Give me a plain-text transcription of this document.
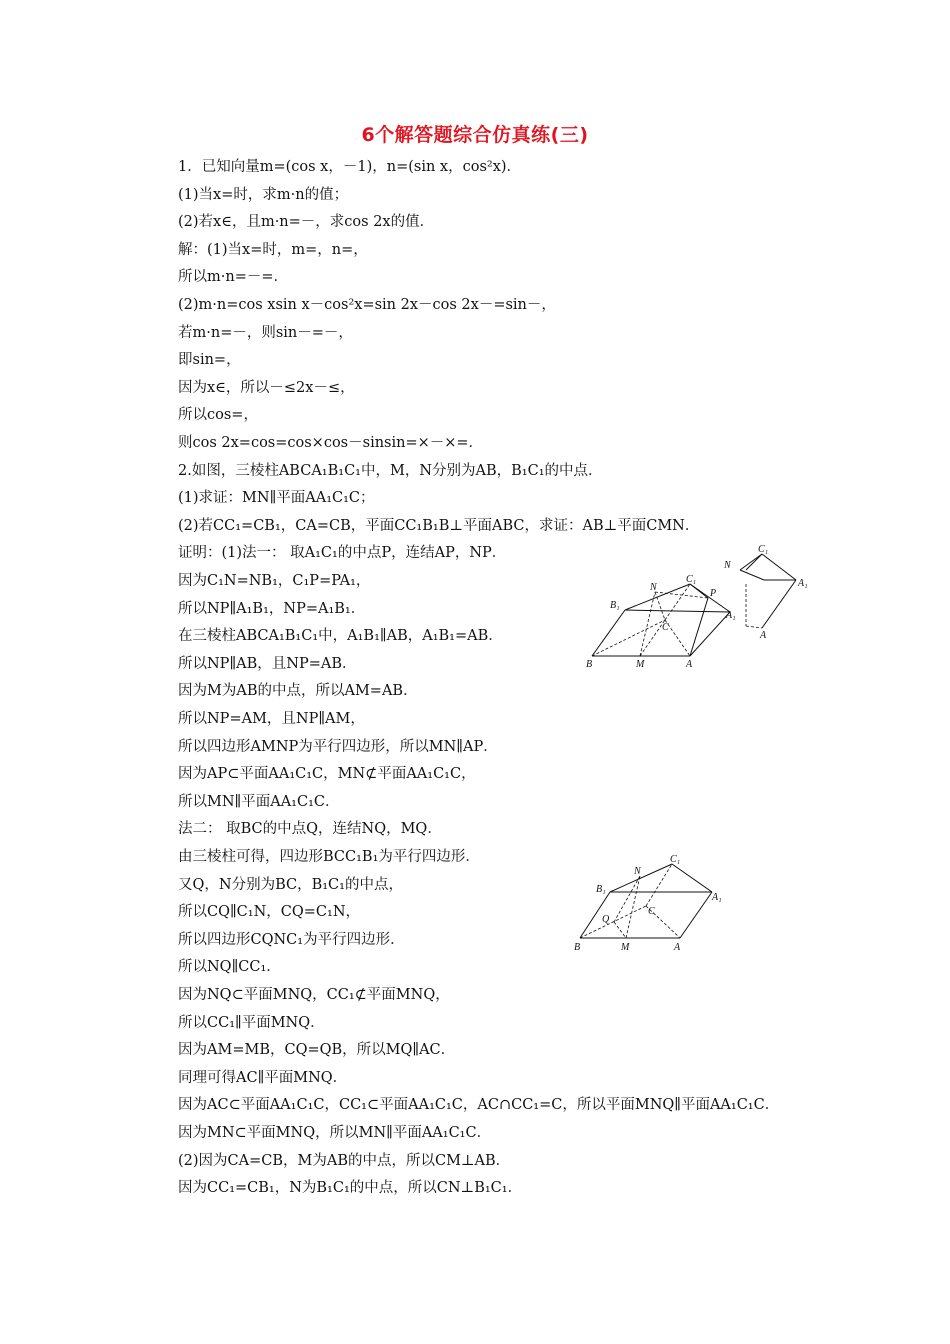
6个解答题综合仿真练(三)
1．已知向量m=(cos x，－1)，n=(sin x，cos²x)．
(1)当x=时，求m·n的值；
(2)若x∈，且m·n=－，求cos 2x的值．
解：(1)当x=时，m=，n=，
所以m·n=－=．
(2)m·n=cos xsin x－cos²x=sin 2x－cos 2x－=sin－，
若m·n=－，则sin－=－，
即sin=，
因为x∈，所以－≤2x－≤，
所以cos=，
则cos 2x=cos=cos×cos－sinsin=×－×=．
2.如图，三棱柱ABCA₁B₁C₁中，M，N分别为AB，B₁C₁的中点．
(1)求证：MN∥平面AA₁C₁C；
(2)若CC₁=CB₁，CA=CB，平面CC₁B₁B⊥平面ABC，求证：AB⊥平面CMN．
证明：(1)法一： 取A₁C₁的中点P，连结AP，NP．
因为C₁N=NB₁，C₁P=PA₁，
所以NP∥A₁B₁，NP=A₁B₁．
在三棱柱ABCA₁B₁C₁中，A₁B₁∥AB，A₁B₁=AB．
所以NP∥AB，且NP=AB．
因为M为AB的中点，所以AM=AB．
所以NP=AM，且NP∥AM，
所以四边形AMNP为平行四边形，所以MN∥AP．
因为AP⊂平面AA₁C₁C，MN⊄平面AA₁C₁C，
所以MN∥平面AA₁C₁C．
法二： 取BC的中点Q，连结NQ，MQ．
由三棱柱可得，四边形BCC₁B₁为平行四边形．
又Q，N分别为BC，B₁C₁的中点，
所以CQ∥C₁N，CQ=C₁N，
所以四边形CQNC₁为平行四边形．
所以NQ∥CC₁．
因为NQ⊂平面MNQ，CC₁⊄平面MNQ，
所以CC₁∥平面MNQ．
因为AM=MB，CQ=QB，所以MQ∥AC．
同理可得AC∥平面MNQ．
因为AC⊂平面AA₁C₁C，CC₁⊂平面AA₁C₁C，AC∩CC₁=C，所以平面MNQ∥平面AA₁C₁C．
因为MN⊂平面MNQ，所以MN∥平面AA₁C₁C．
(2)因为CA=CB，M为AB的中点，所以CM⊥AB．
因为CC₁=CB₁，N为B₁C₁的中点，所以CN⊥B₁C₁．
B	M	A
B₁
N
C₁
P
C
A₁
N
C₁
A₁
A
B	M	A
B₁
N
C₁
A₁
Q
C
